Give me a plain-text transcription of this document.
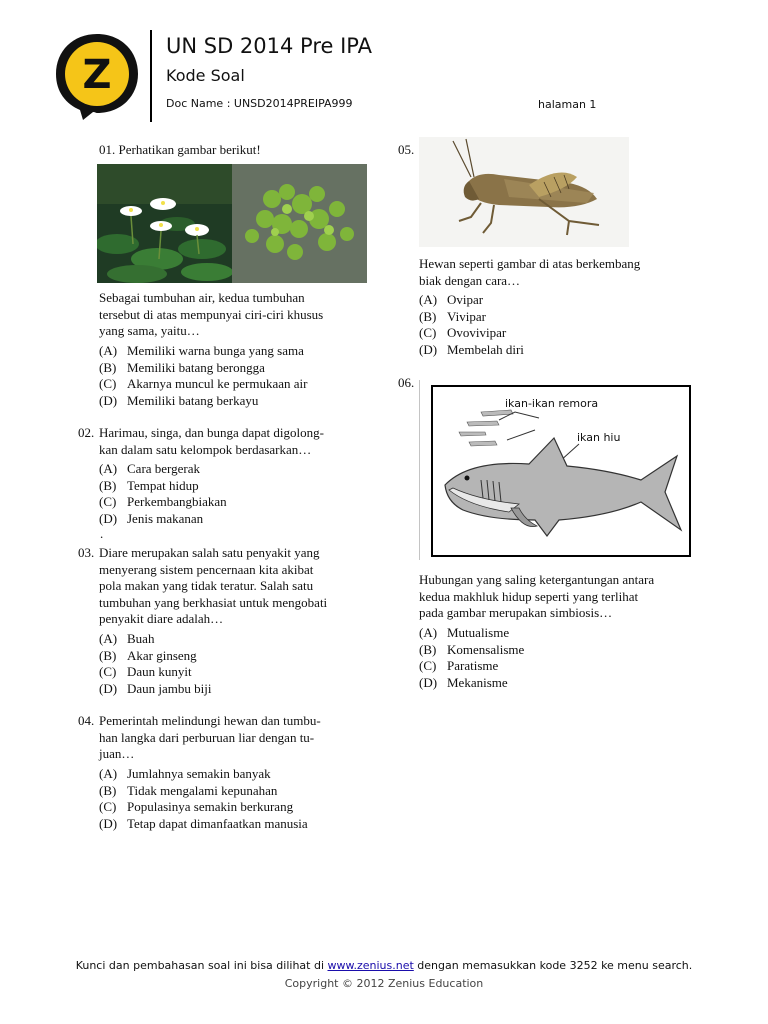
Z
UN SD 2014 Pre IPA
Kode Soal
Doc Name : UNSD2014PREIPA999	halaman 1
01. Perhatikan gambar berikut!
Sebagai tumbuhan air, kedua tumbuhan
tersebut di atas mempunyai ciri-ciri khusus
yang sama, yaitu…
(A) Memiliki warna bunga yang sama
(B) Memiliki batang berongga
(C) Akarnya muncul ke permukaan air
(D) Memiliki batang berkayu
02. Harimau, singa, dan bunga dapat digolong-
kan dalam satu kelompok berdasarkan…
(A) Cara bergerak
(B) Tempat hidup
(C) Perkembangbiakan
(D) Jenis makanan
.
03. Diare merupakan salah satu penyakit yang
menyerang sistem pencernaan kita akibat
pola makan yang tidak teratur. Salah satu
tumbuhan yang berkhasiat untuk mengobati
penyakit diare adalah…
(A) Buah
(B) Akar ginseng
(C) Daun kunyit
(D) Daun jambu biji
04. Pemerintah melindungi hewan dan tumbu-
han langka dari perburuan liar dengan tu-
juan…
(A) Jumlahnya semakin banyak
(B) Tidak mengalami kepunahan
(C) Populasinya semakin berkurang
(D) Tetap dapat dimanfaatkan manusia
05.
Hewan seperti gambar di atas berkembang
biak dengan cara…
(A) Ovipar
(B) Vivipar
(C) Ovovivipar
(D) Membelah diri
06.
ikan-ikan remora
ikan hiu
Hubungan yang saling ketergantungan antara
kedua makhluk hidup seperti yang terlihat
pada gambar merupakan simbiosis…
(A) Mutualisme
(B) Komensalisme
(C) Paratisme
(D) Mekanisme
Kunci dan pembahasan soal ini bisa dilihat di www.zenius.net dengan memasukkan kode 3252 ke menu search.
Copyright © 2012 Zenius Education
